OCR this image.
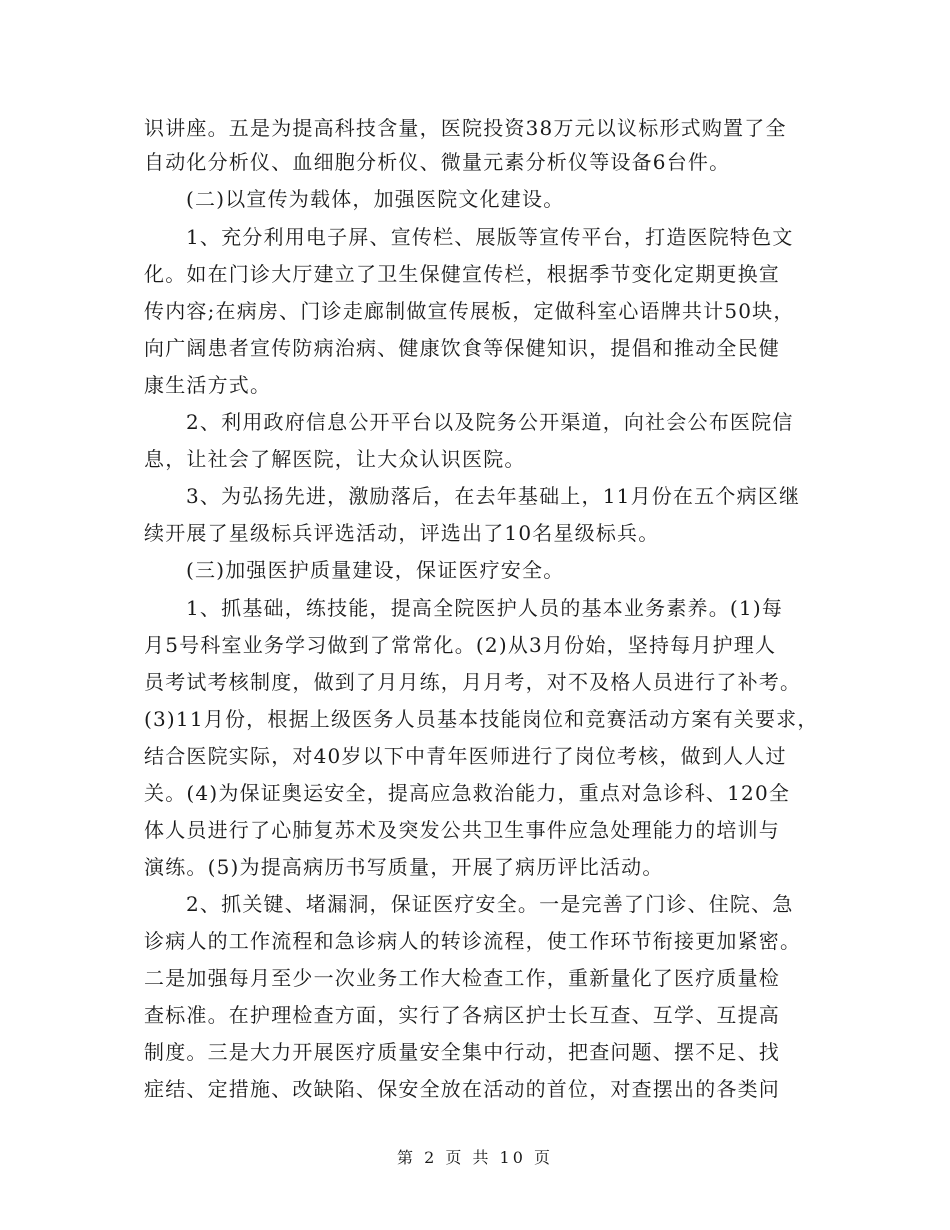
识讲座。五是为提高科技含量，医院投资38万元以议标形式购置了全
自动化分析仪、血细胞分析仪、微量元素分析仪等设备6台件。
(二)以宣传为载体，加强医院文化建设。
1、充分利用电子屏、宣传栏、展版等宣传平台，打造医院特色文
化。如在门诊大厅建立了卫生保健宣传栏，根据季节变化定期更换宣
传内容;在病房、门诊走廊制做宣传展板，定做科室心语牌共计50块，
向广阔患者宣传防病治病、健康饮食等保健知识，提倡和推动全民健
康生活方式。
2、利用政府信息公开平台以及院务公开渠道，向社会公布医院信
息，让社会了解医院，让大众认识医院。
3、为弘扬先进，激励落后，在去年基础上，11月份在五个病区继
续开展了星级标兵评选活动，评选出了10名星级标兵。
(三)加强医护质量建设，保证医疗安全。
1、抓基础，练技能，提高全院医护人员的基本业务素养。(1)每
月5号科室业务学习做到了常常化。(2)从3月份始，坚持每月护理人
员考试考核制度，做到了月月练，月月考，对不及格人员进行了补考。
(3)11月份，根据上级医务人员基本技能岗位和竞赛活动方案有关要求，
结合医院实际，对40岁以下中青年医师进行了岗位考核，做到人人过
关。(4)为保证奥运安全，提高应急救治能力，重点对急诊科、120全
体人员进行了心肺复苏术及突发公共卫生事件应急处理能力的培训与
演练。(5)为提高病历书写质量，开展了病历评比活动。
2、抓关键、堵漏洞，保证医疗安全。一是完善了门诊、住院、急
诊病人的工作流程和急诊病人的转诊流程，使工作环节衔接更加紧密。
二是加强每月至少一次业务工作大检查工作，重新量化了医疗质量检
查标准。在护理检查方面，实行了各病区护士长互查、互学、互提高
制度。三是大力开展医疗质量安全集中行动，把查问题、摆不足、找
症结、定措施、改缺陷、保安全放在活动的首位，对查摆出的各类问
第 2 页 共 10 页
